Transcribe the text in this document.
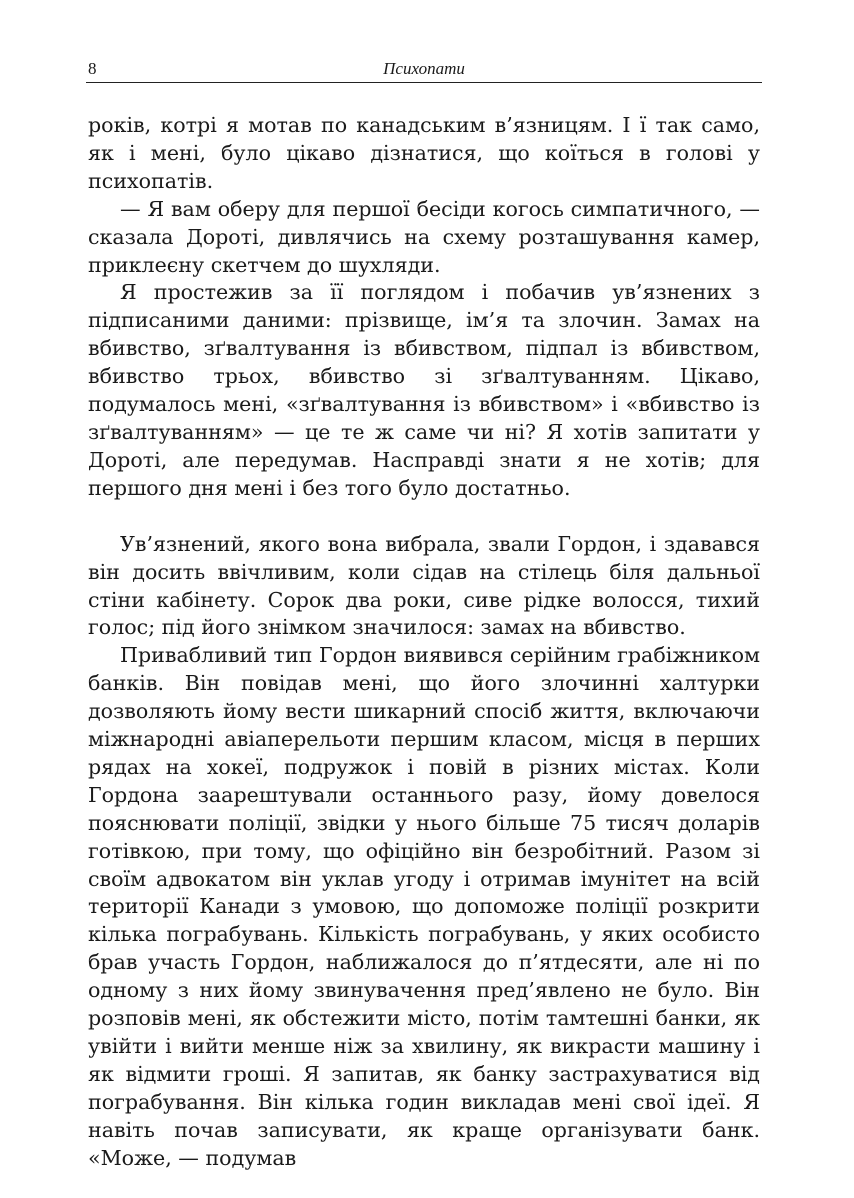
8	Психопати

років, котрі я мотав по канадським в’язницям. І ї так само, як і мені, було цікаво дізнатися, що коїться в голові у психопатів.

— Я вам оберу для першої бесіди когось симпатичного, — сказала Дороті, дивлячись на схему розташування камер, приклеєну скетчем до шухляди.

Я простежив за її поглядом і побачив ув’язнених з підписаними даними: прізвище, ім’я та злочин. Замах на вбивство, зґвалтування із вбивством, підпал із вбивством, вбивство трьох, вбивство зі зґвалтуванням. Цікаво, подумалось мені, «зґвалтування із вбивством» і «вбивство із зґвалтуванням» — це те ж саме чи ні? Я хотів запитати у Дороті, але передумав. Насправді знати я не хотів; для першого дня мені і без того було достатньо.

Ув’язнений, якого вона вибрала, звали Гордон, і здавався він досить ввічливим, коли сідав на стілець біля дальньої стіни кабінету. Сорок два роки, сиве рідке волосся, тихий голос; під його знімком значилося: замах на вбивство.

Привабливий тип Гордон виявився серійним грабіжником банків. Він повідав мені, що його злочинні халтурки дозволяють йому вести шикарний спосіб життя, включаючи міжнародні авіаперельоти першим класом, місця в перших рядах на хокеї, подружок і повій в різних містах. Коли Гордона заарештували останнього разу, йому довелося пояснювати поліції, звідки у нього більше 75 тисяч доларів готівкою, при тому, що офіційно він безробітний. Разом зі своїм адвокатом він уклав угоду і отримав імунітет на всій території Канади з умовою, що допоможе поліції розкрити кілька пограбувань. Кількість пограбувань, у яких особисто брав участь Гордон, наближалося до п’ятдесяти, але ні по одному з них йому звинувачення пред’явлено не було. Він розповів мені, як обстежити місто, потім тамтешні банки, як увійти і вийти менше ніж за хвилину, як викрасти машину і як відмити гроші. Я запитав, як банку застрахуватися від пограбування. Він кілька годин викладав мені свої ідеї. Я навіть почав записувати, як краще організувати банк. «Може, — подумав
